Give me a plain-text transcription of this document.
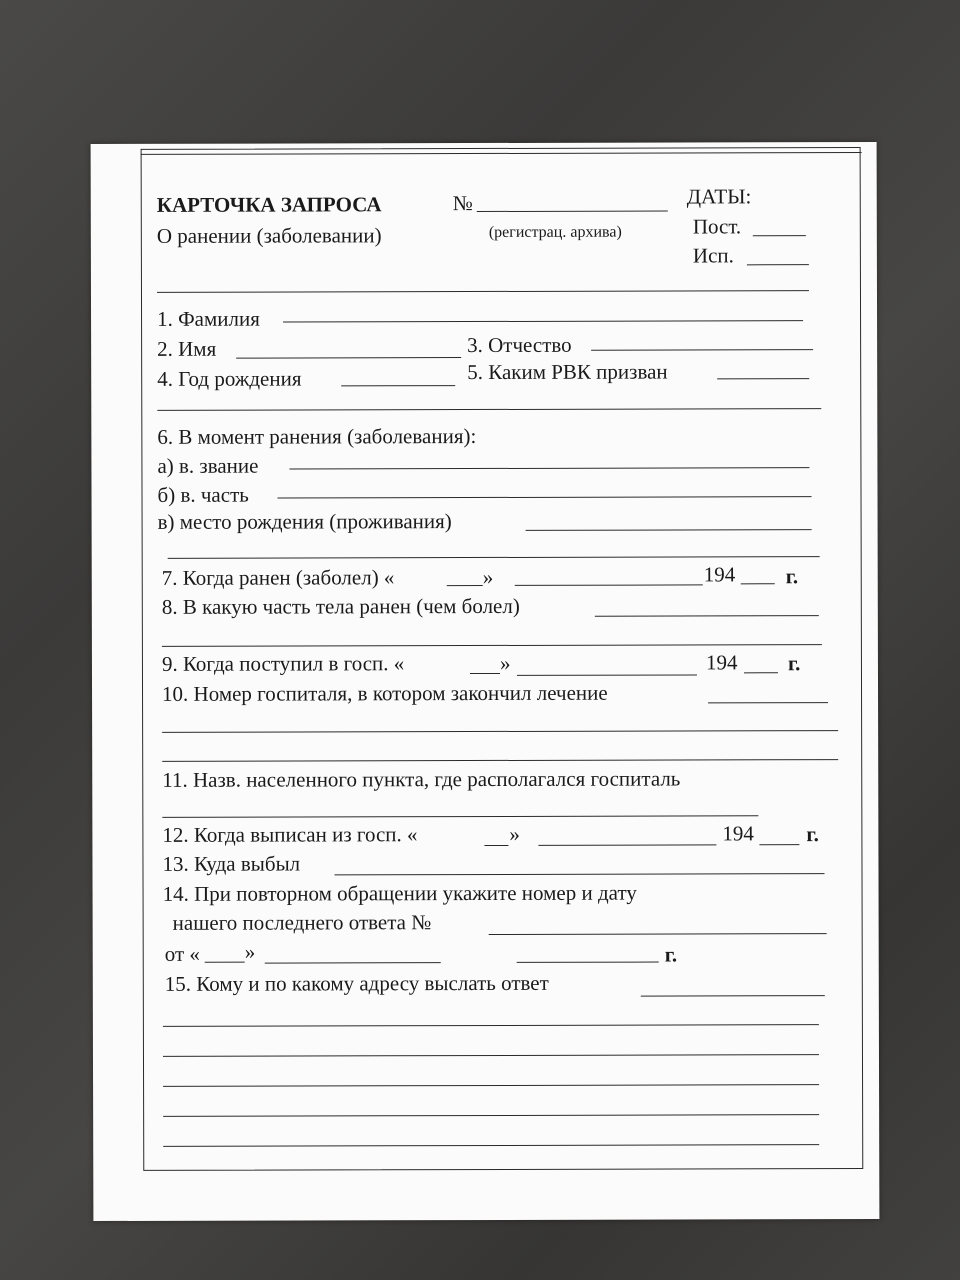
КАРТОЧКА ЗАПРОСА	№
(регистрац. архива)
О ранении (заболевании)
ДАТЫ:
Пост.
Исп.
1. Фамилия
2. Имя	3. Отчество
4. Год рождения	5. Каким РВК призван
6. В момент ранения (заболевания):
а) в. звание
б) в. часть
в) место рождения (проживания)
7. Когда ранен (заболел) «	»	194 г.
8. В какую часть тела ранен (чем болел)
9. Когда поступил в госп. «	»	194 г.
10. Номер госпиталя, в котором закончил лечение
11. Назв. населенного пункта, где располагался госпиталь
12. Когда выписан из госп. «	»	194 г.
13. Куда выбыл
14. При повторном обращении укажите номер и дату
нашего последнего ответа №
от « »	г.
15. Кому и по какому адресу выслать ответ
